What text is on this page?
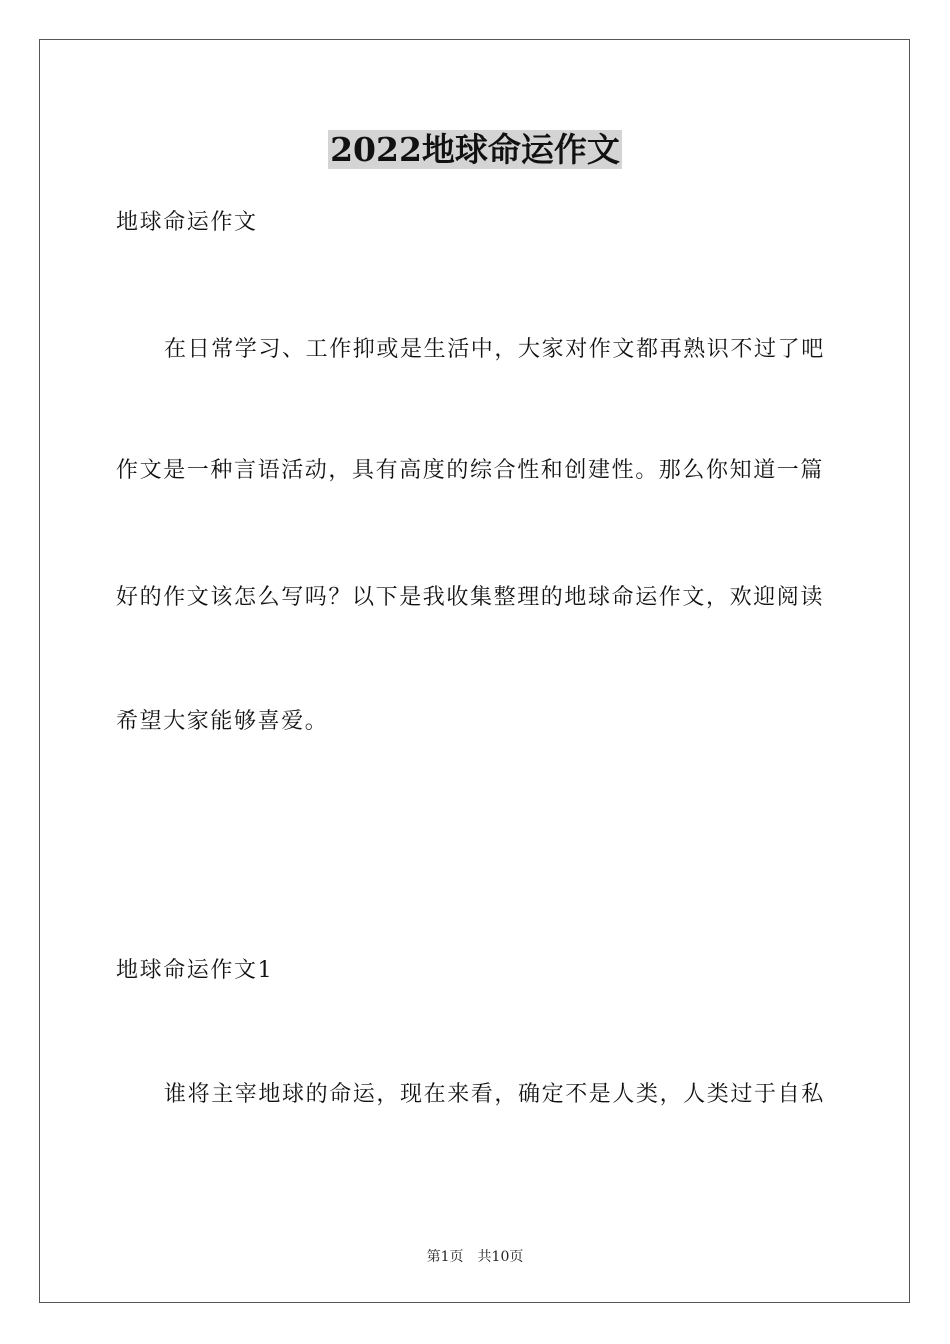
2022地球命运作文
地球命运作文
在日常学习、工作抑或是生活中，大家对作文都再熟识不过了吧
作文是一种言语活动，具有高度的综合性和创建性。那么你知道一篇
好的作文该怎么写吗？以下是我收集整理的地球命运作文，欢迎阅读
希望大家能够喜爱。
地球命运作文1
谁将主宰地球的命运，现在来看，确定不是人类，人类过于自私
第1页　共10页
